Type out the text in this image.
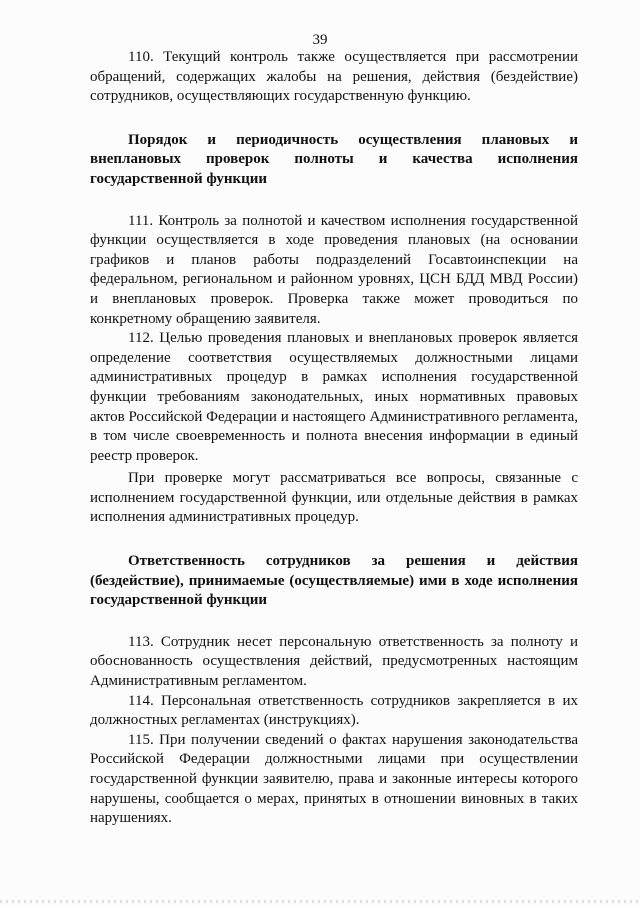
39

110. Текущий контроль также осуществляется при рассмотрении обращений, содержащих жалобы на решения, действия (бездействие) сотрудников, осуществляющих государственную функцию.

Порядок и периодичность осуществления плановых и внеплановых проверок полноты и качества исполнения государственной функции

111. Контроль за полнотой и качеством исполнения государственной функции осуществляется в ходе проведения плановых (на основании графиков и планов работы подразделений Госавтоинспекции на федеральном, региональном и районном уровнях, ЦСН БДД МВД России) и внеплановых проверок. Проверка также может проводиться по конкретному обращению заявителя.

112. Целью проведения плановых и внеплановых проверок является определение соответствия осуществляемых должностными лицами административных процедур в рамках исполнения государственной функции требованиям законодательных, иных нормативных правовых актов Российской Федерации и настоящего Административного регламента, в том числе своевременность и полнота внесения информации в единый реестр проверок.

При проверке могут рассматриваться все вопросы, связанные с исполнением государственной функции, или отдельные действия в рамках исполнения административных процедур.

Ответственность сотрудников за решения и действия (бездействие), принимаемые (осуществляемые) ими в ходе исполнения государственной функции

113. Сотрудник несет персональную ответственность за полноту и обоснованность осуществления действий, предусмотренных настоящим Административным регламентом.

114. Персональная ответственность сотрудников закрепляется в их должностных регламентах (инструкциях).

115. При получении сведений о фактах нарушения законодательства Российской Федерации должностными лицами при осуществлении государственной функции заявителю, права и законные интересы которого нарушены, сообщается о мерах, принятых в отношении виновных в таких нарушениях.
